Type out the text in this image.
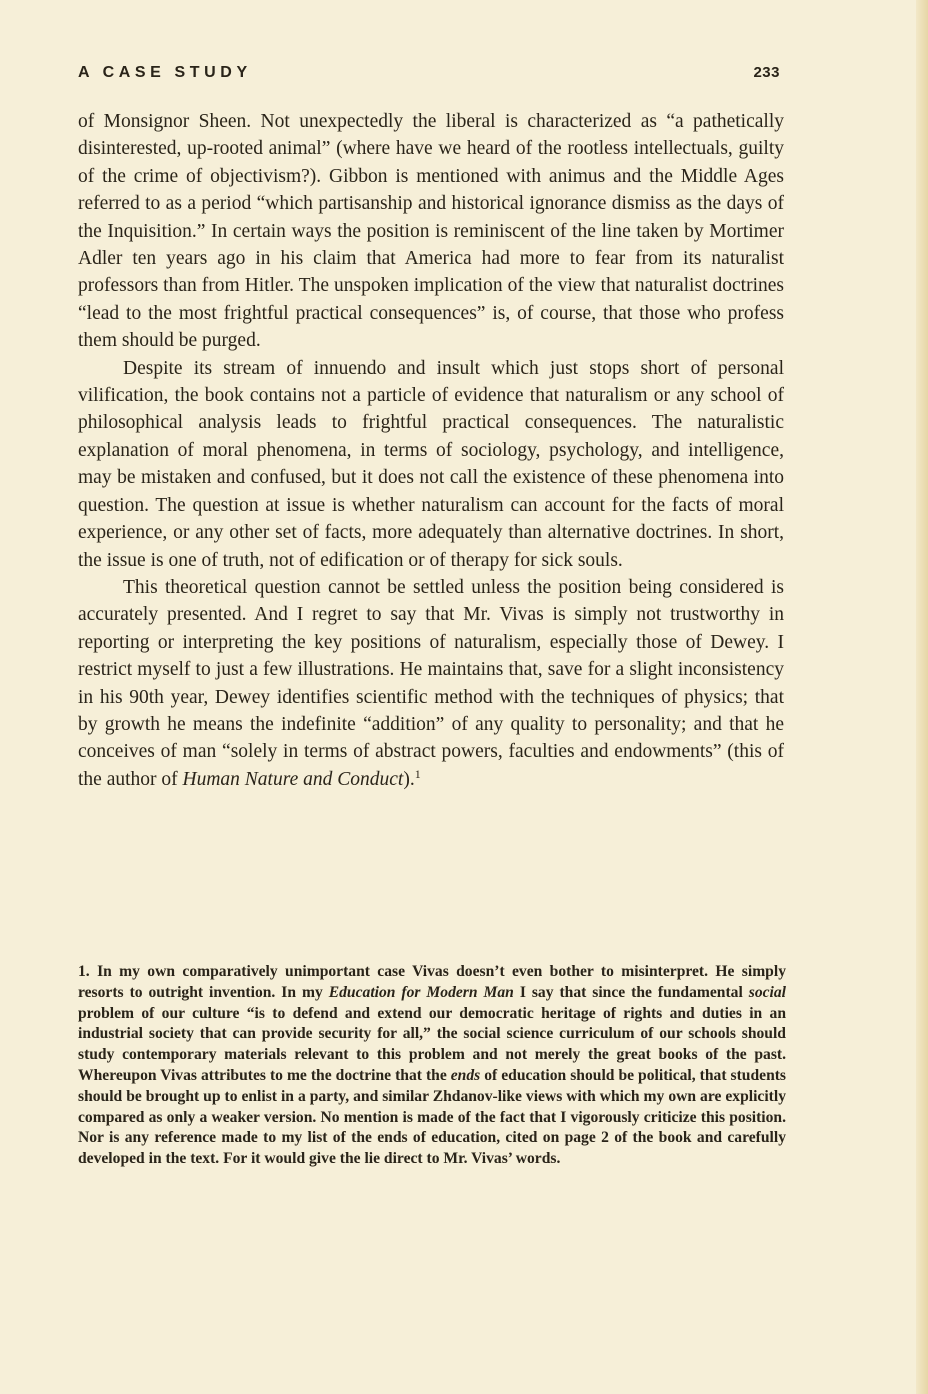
A CASE STUDY	233

of Monsignor Sheen. Not unexpectedly the liberal is characterized as “a pathetically disinterested, up-rooted animal” (where have we heard of the rootless intellectuals, guilty of the crime of objectivism?). Gibbon is mentioned with animus and the Middle Ages referred to as a period “which partisanship and historical ignorance dismiss as the days of the Inquisition.” In certain ways the position is reminiscent of the line taken by Mortimer Adler ten years ago in his claim that America had more to fear from its naturalist professors than from Hitler. The unspoken implication of the view that naturalist doctrines “lead to the most frightful practical consequences” is, of course, that those who profess them should be purged.

Despite its stream of innuendo and insult which just stops short of personal vilification, the book contains not a particle of evidence that naturalism or any school of philosophical analysis leads to frightful practical consequences. The naturalistic explanation of moral phenomena, in terms of sociology, psychology, and intelligence, may be mistaken and confused, but it does not call the existence of these phenomena into question. The question at issue is whether naturalism can account for the facts of moral experience, or any other set of facts, more adequately than alternative doctrines. In short, the issue is one of truth, not of edification or of therapy for sick souls.

This theoretical question cannot be settled unless the position being considered is accurately presented. And I regret to say that Mr. Vivas is simply not trustworthy in reporting or interpreting the key positions of naturalism, especially those of Dewey. I restrict myself to just a few illustrations. He maintains that, save for a slight inconsistency in his 90th year, Dewey identifies scientific method with the techniques of physics; that by growth he means the indefinite “addition” of any quality to personality; and that he conceives of man “solely in terms of abstract powers, faculties and endowments” (this of the author of Human Nature and Conduct).$^1$

1. In my own comparatively unimportant case Vivas doesn’t even bother to misinterpret. He simply resorts to outright invention. In my Education for Modern Man I say that since the fundamental social problem of our culture “is to defend and extend our democratic heritage of rights and duties in an industrial society that can provide security for all,” the social science curriculum of our schools should study contemporary materials relevant to this problem and not merely the great books of the past. Whereupon Vivas attributes to me the doctrine that the ends of education should be political, that students should be brought up to enlist in a party, and similar Zhdanov-like views with which my own are explicitly compared as only a weaker version. No mention is made of the fact that I vigorously criticize this position. Nor is any reference made to my list of the ends of education, cited on page 2 of the book and carefully developed in the text. For it would give the lie direct to Mr. Vivas’ words.
